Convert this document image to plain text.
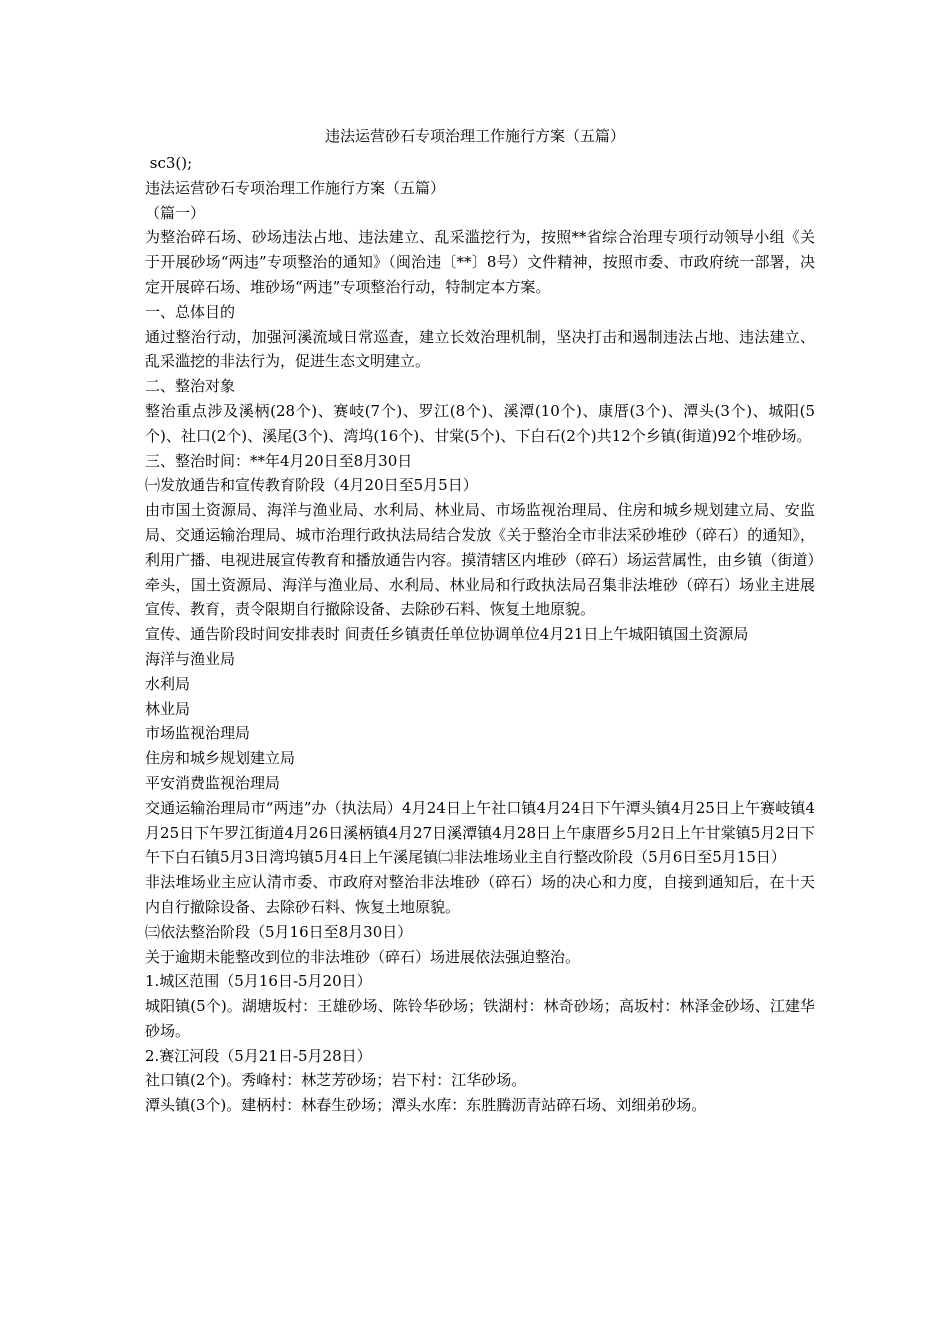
违法运营砂石专项治理工作施行方案（五篇）

sc3();

违法运营砂石专项治理工作施行方案（五篇）

（篇一）

为整治碎石场、砂场违法占地、违法建立、乱采滥挖行为，按照**省综合治理专项行动领导小组《关于开展砂场“两违”专项整治的通知》（闽治违〔**〕8号）文件精神，按照市委、市政府统一部署，决定开展碎石场、堆砂场“两违”专项整治行动，特制定本方案。

一、总体目的

通过整治行动，加强河溪流域日常巡查，建立长效治理机制，坚决打击和遏制违法占地、违法建立、乱采滥挖的非法行为，促进生态文明建立。

二、整治对象

整治重点涉及溪柄(28个)、赛岐(7个)、罗江(8个)、溪潭(10个)、康厝(3个)、潭头(3个)、城阳(5个)、社口(2个)、溪尾(3个)、湾坞(16个)、甘棠(5个)、下白石(2个)共12个乡镇(街道)92个堆砂场。

三、整治时间：**年4月20日至8月30日

㈠发放通告和宣传教育阶段（4月20日至5月5日）

由市国土资源局、海洋与渔业局、水利局、林业局、市场监视治理局、住房和城乡规划建立局、安监局、交通运输治理局、城市治理行政执法局结合发放《关于整治全市非法采砂堆砂（碎石）的通知》，利用广播、电视进展宣传教育和播放通告内容。摸清辖区内堆砂（碎石）场运营属性，由乡镇（街道）牵头，国土资源局、海洋与渔业局、水利局、林业局和行政执法局召集非法堆砂（碎石）场业主进展宣传、教育，责令限期自行撤除设备、去除砂石料、恢复土地原貌。

宣传、通告阶段时间安排表时 间责任乡镇责任单位协调单位4月21日上午城阳镇国土资源局

海洋与渔业局

水利局

林业局

市场监视治理局

住房和城乡规划建立局

平安消费监视治理局

交通运输治理局市“两违”办（执法局）4月24日上午社口镇4月24日下午潭头镇4月25日上午赛岐镇4月25日下午罗江街道4月26日溪柄镇4月27日溪潭镇4月28日上午康厝乡5月2日上午甘棠镇5月2日下午下白石镇5月3日湾坞镇5月4日上午溪尾镇㈡非法堆场业主自行整改阶段（5月6日至5月15日）

非法堆场业主应认清市委、市政府对整治非法堆砂（碎石）场的决心和力度，自接到通知后，在十天内自行撤除设备、去除砂石料、恢复土地原貌。

㈢依法整治阶段（5月16日至8月30日）

关于逾期未能整改到位的非法堆砂（碎石）场进展依法强迫整治。

1.城区范围（5月16日-5月20日）

城阳镇(5个)。湖塘坂村：王雄砂场、陈铃华砂场；铁湖村：林奇砂场；高坂村：林泽金砂场、江建华砂场。

2.赛江河段（5月21日-5月28日）

社口镇(2个)。秀峰村：林芝芳砂场；岩下村：江华砂场。

潭头镇(3个)。建柄村：林春生砂场；潭头水库：东胜腾沥青站碎石场、刘细弟砂场。
